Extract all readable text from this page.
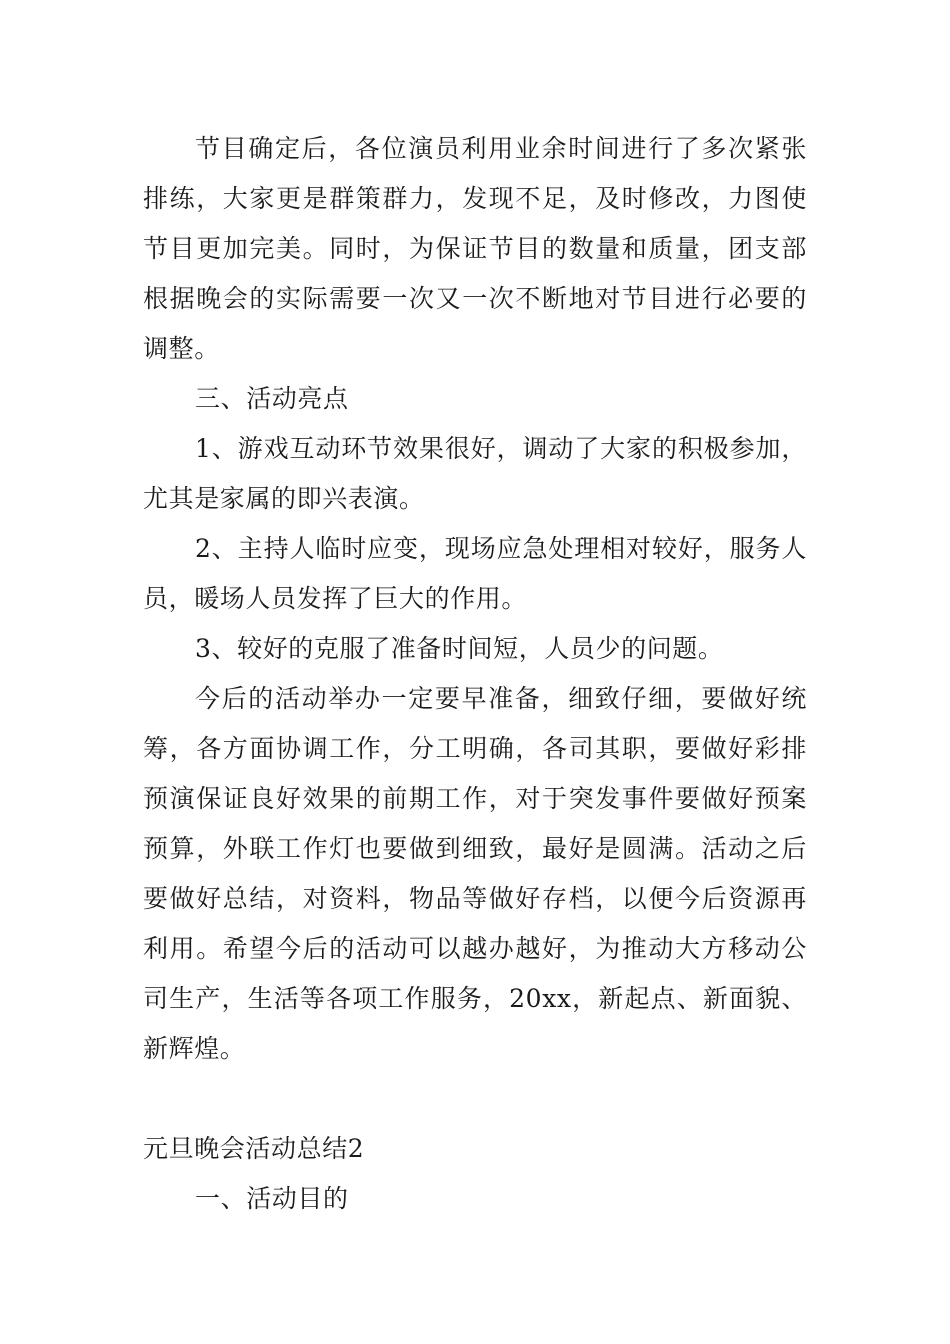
节目确定后，各位演员利用业余时间进行了多次紧张排练，大家更是群策群力，发现不足，及时修改，力图使节目更加完美。同时，为保证节目的数量和质量，团支部根据晚会的实际需要一次又一次不断地对节目进行必要的调整。

三、活动亮点

1、游戏互动环节效果很好，调动了大家的积极参加，尤其是家属的即兴表演。

2、主持人临时应变，现场应急处理相对较好，服务人员，暖场人员发挥了巨大的作用。

3、较好的克服了准备时间短，人员少的问题。

今后的活动举办一定要早准备，细致仔细，要做好统筹，各方面协调工作，分工明确，各司其职，要做好彩排预演保证良好效果的前期工作，对于突发事件要做好预案预算，外联工作灯也要做到细致，最好是圆满。活动之后要做好总结，对资料，物品等做好存档，以便今后资源再利用。希望今后的活动可以越办越好，为推动大方移动公司生产，生活等各项工作服务，20xx，新起点、新面貌、新辉煌。

元旦晚会活动总结2

一、活动目的
